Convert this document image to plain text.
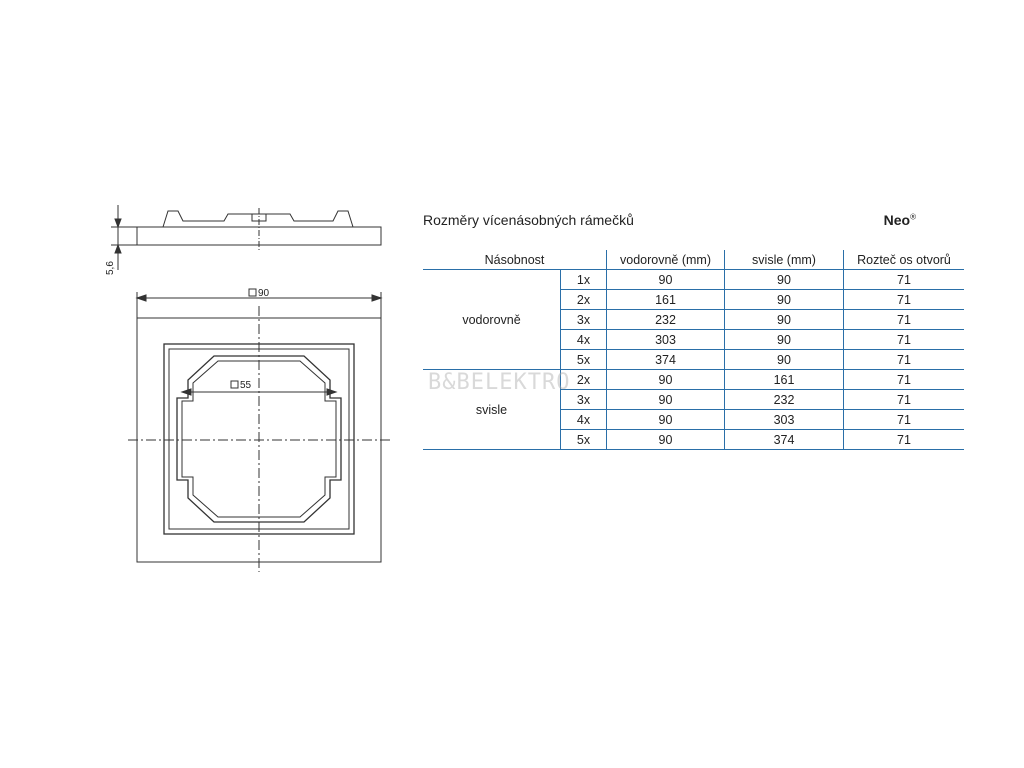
5,6
90
55
Rozměry vícenásobných rámečků	Neo®
Násobnost		vodorovně (mm)	svisle (mm)	Rozteč os otvorů
vodorovně	1x	90	90	71
	2x	161	90	71
	3x	232	90	71
	4x	303	90	71
	5x	374	90	71
svisle	2x	90	161	71
	3x	90	232	71
	4x	90	303	71
	5x	90	374	71
B&BELEKTRO
